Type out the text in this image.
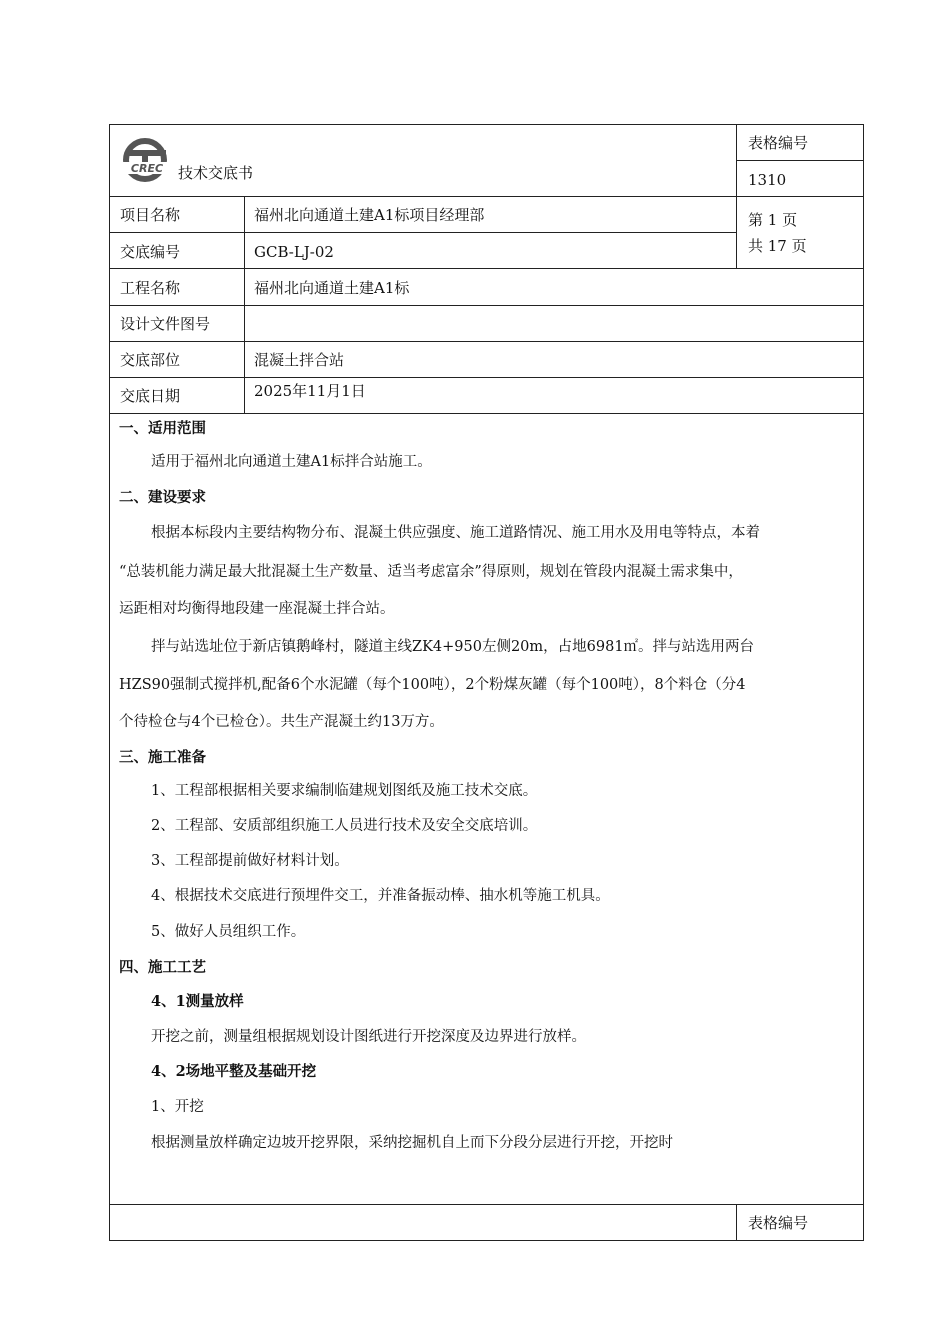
CREC 技术交底书
表格编号
1310
第 1 页
共 17 页
项目名称	福州北向通道土建A1标项目经理部
交底编号	GCB-LJ-02
工程名称	福州北向通道土建A1标
设计文件图号
交底部位	混凝土拌合站
交底日期	2025年11月1日
一、适用范围
适用于福州北向通道土建A1标拌合站施工。
二、建设要求
根据本标段内主要结构物分布、混凝土供应强度、施工道路情况、施工用水及用电等特点，本着
“总装机能力满足最大批混凝土生产数量、适当考虑富余”得原则，规划在管段内混凝土需求集中，
运距相对均衡得地段建一座混凝土拌合站。
拌与站选址位于新店镇鹅峰村，隧道主线ZK4+950左侧20m，占地6981㎡。拌与站选用两台
HZS90强制式搅拌机,配备6个水泥罐（每个100吨），2个粉煤灰罐（每个100吨），8个料仓（分4
个待检仓与4个已检仓）。共生产混凝土约13万方。
三、施工准备
1、工程部根据相关要求编制临建规划图纸及施工技术交底。
2、工程部、安质部组织施工人员进行技术及安全交底培训。
3、工程部提前做好材料计划。
4、根据技术交底进行预埋件交工，并准备振动棒、抽水机等施工机具。
5、做好人员组织工作。
四、施工工艺
4、1测量放样
开挖之前，测量组根据规划设计图纸进行开挖深度及边界进行放样。
4、2场地平整及基础开挖
1、开挖
根据测量放样确定边坡开挖界限，采纳挖掘机自上而下分段分层进行开挖，开挖时
表格编号
